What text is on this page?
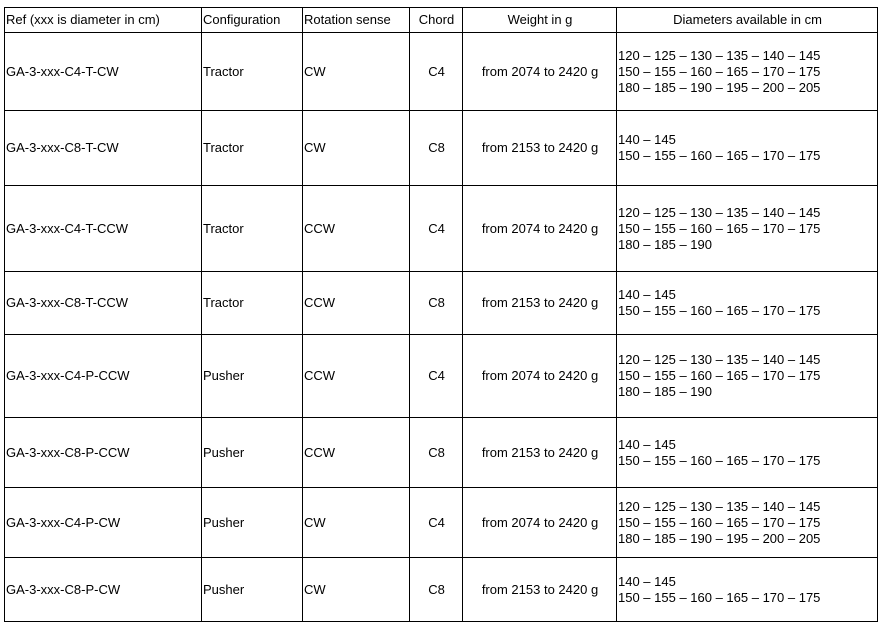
Ref (xxx is diameter in cm)	Configuration	Rotation sense	Chord	Weight in g	Diameters available in cm
GA-3-xxx-C4-T-CW	Tractor	CW	C4	from 2074 to 2420 g	120 – 125 – 130 – 135 – 140 – 145
150 – 155 – 160 – 165 – 170 – 175
180 – 185 – 190 – 195 – 200 – 205

GA-3-xxx-C8-T-CW	Tractor	CW	C8	from 2153 to 2420 g	140 – 145
150 – 155 – 160 – 165 – 170 – 175

GA-3-xxx-C4-T-CCW	Tractor	CCW	C4	from 2074 to 2420 g	120 – 125 – 130 – 135 – 140 – 145
150 – 155 – 160 – 165 – 170 – 175
180 – 185 – 190

GA-3-xxx-C8-T-CCW	Tractor	CCW	C8	from 2153 to 2420 g	140 – 145
150 – 155 – 160 – 165 – 170 – 175

GA-3-xxx-C4-P-CCW	Pusher	CCW	C4	from 2074 to 2420 g	120 – 125 – 130 – 135 – 140 – 145
150 – 155 – 160 – 165 – 170 – 175
180 – 185 – 190

GA-3-xxx-C8-P-CCW	Pusher	CCW	C8	from 2153 to 2420 g	140 – 145
150 – 155 – 160 – 165 – 170 – 175

GA-3-xxx-C4-P-CW	Pusher	CW	C4	from 2074 to 2420 g	120 – 125 – 130 – 135 – 140 – 145
150 – 155 – 160 – 165 – 170 – 175
180 – 185 – 190 – 195 – 200 – 205

GA-3-xxx-C8-P-CW	Pusher	CW	C8	from 2153 to 2420 g	140 – 145
150 – 155 – 160 – 165 – 170 – 175
